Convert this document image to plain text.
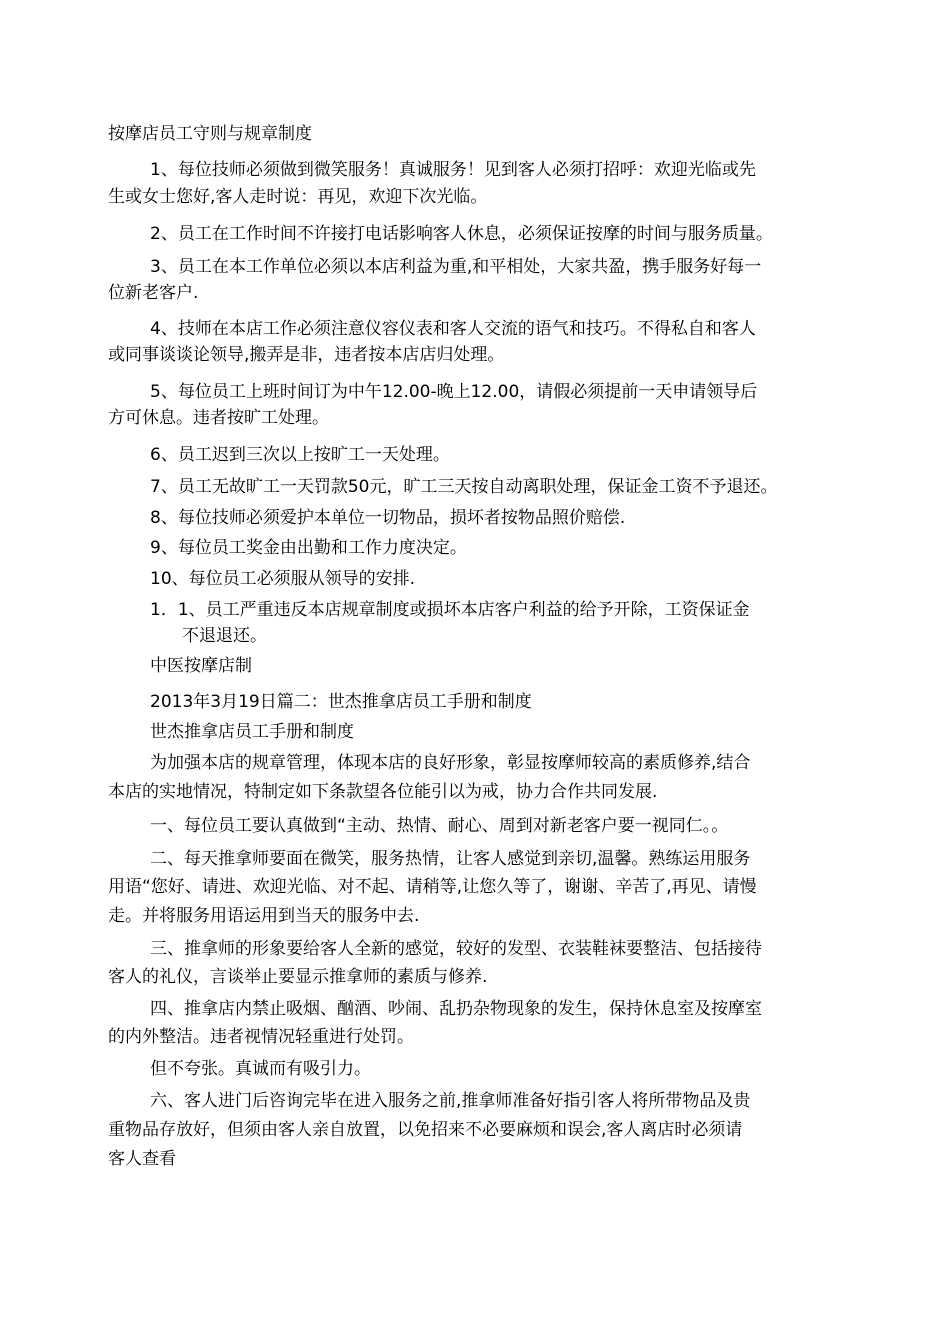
按摩店员工守则与规章制度
1、每位技师必须做到微笑服务！真诚服务！见到客人必须打招呼：欢迎光临或先
生或女士您好,客人走时说：再见，欢迎下次光临。
2、员工在工作时间不许接打电话影响客人休息，必须保证按摩的时间与服务质量。
3、员工在本工作单位必须以本店利益为重,和平相处，大家共盈，携手服务好每一
位新老客户.
4、技师在本店工作必须注意仪容仪表和客人交流的语气和技巧。不得私自和客人
或同事谈谈论领导,搬弄是非，违者按本店店归处理。
5、每位员工上班时间订为中午12.00-晚上12.00，请假必须提前一天申请领导后
方可休息。违者按旷工处理。
6、员工迟到三次以上按旷工一天处理。
7、员工无故旷工一天罚款50元，旷工三天按自动离职处理，保证金工资不予退还。
8、每位技师必须爱护本单位一切物品，损坏者按物品照价赔偿.
9、每位员工奖金由出勤和工作力度决定。
10、每位员工必须服从领导的安排.
1．1、员工严重违反本店规章制度或损坏本店客户利益的给予开除，工资保证金
不退退还。
中医按摩店制
2013年3月19日篇二：世杰推拿店员工手册和制度
世杰推拿店员工手册和制度
为加强本店的规章管理，体现本店的良好形象，彰显按摩师较高的素质修养,结合
本店的实地情况，特制定如下条款望各位能引以为戒，协力合作共同发展.
一、每位员工要认真做到“主动、热情、耐心、周到对新老客户要一视同仁。。
二、每天推拿师要面在微笑，服务热情，让客人感觉到亲切,温馨。熟练运用服务
用语“您好、请进、欢迎光临、对不起、请稍等,让您久等了，谢谢、辛苦了,再见、请慢
走。并将服务用语运用到当天的服务中去.
三、推拿师的形象要给客人全新的感觉，较好的发型、衣装鞋袜要整洁、包括接待
客人的礼仪，言谈举止要显示推拿师的素质与修养.
四、推拿店内禁止吸烟、酗酒、吵闹、乱扔杂物现象的发生，保持休息室及按摩室
的内外整洁。违者视情况轻重进行处罚。
但不夸张。真诚而有吸引力。
六、客人进门后咨询完毕在进入服务之前,推拿师准备好指引客人将所带物品及贵
重物品存放好，但须由客人亲自放置，以免招来不必要麻烦和误会,客人离店时必须请
客人查看
